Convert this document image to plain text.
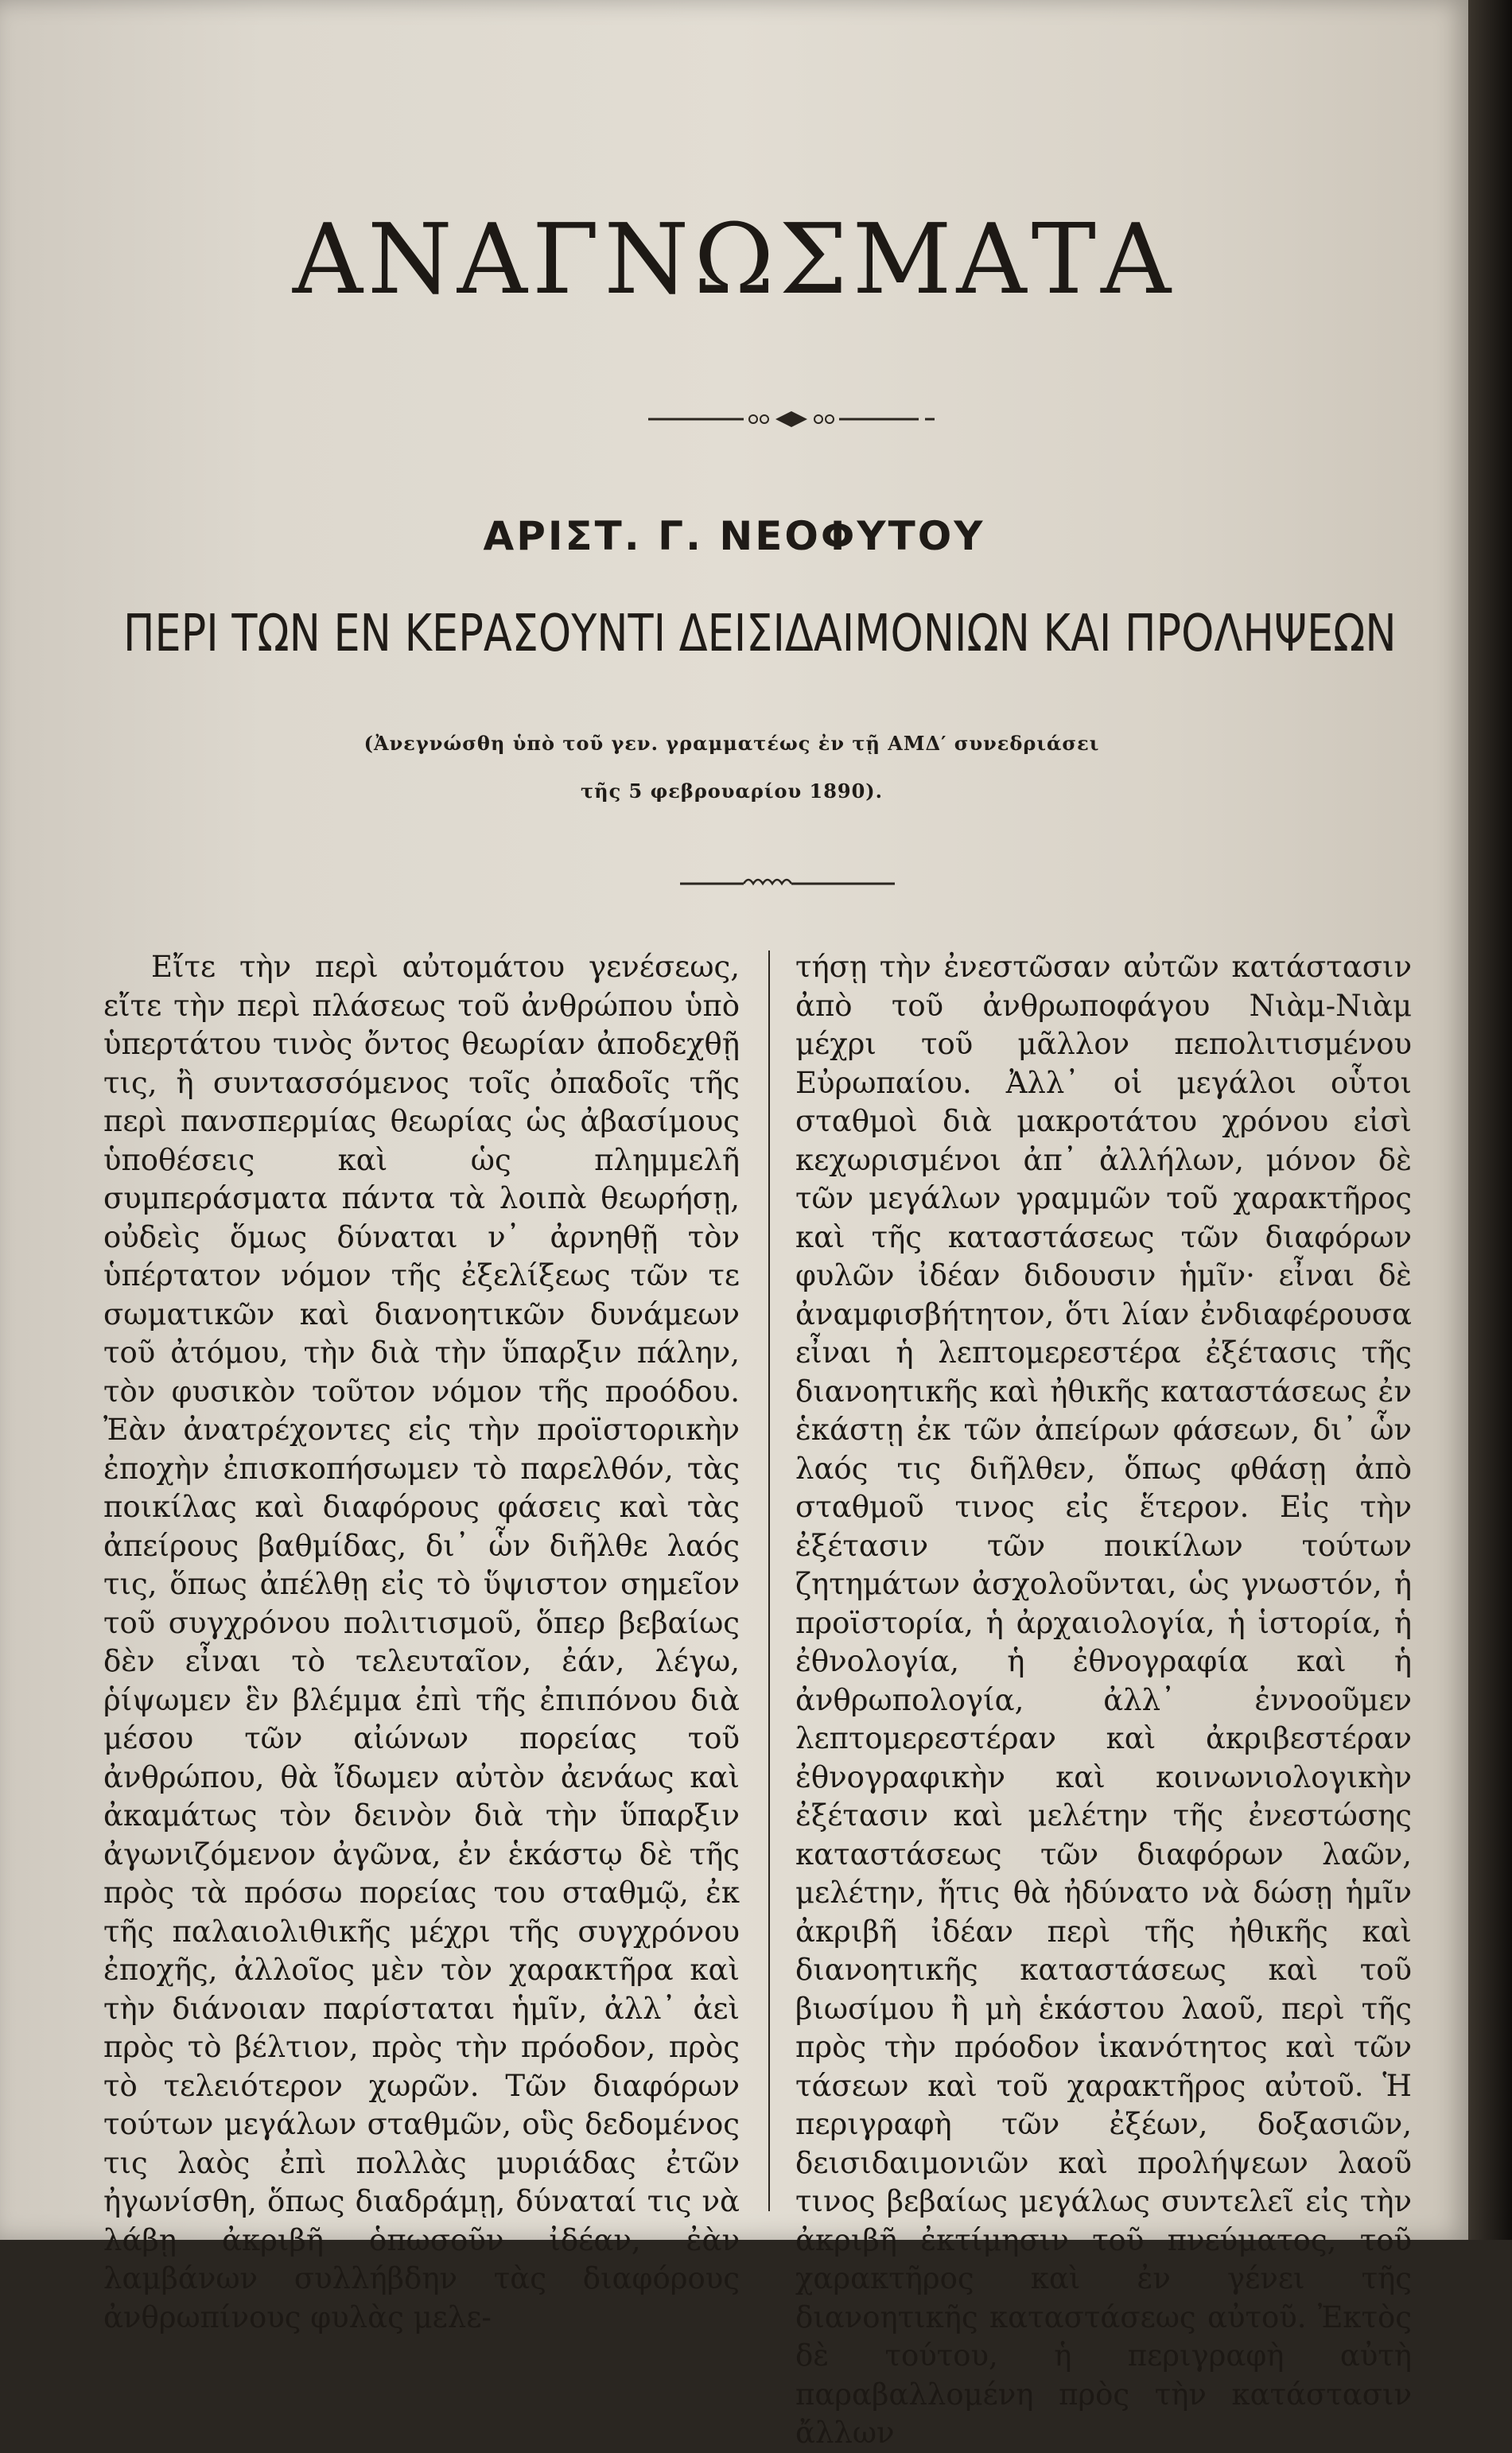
ΑΝΑΓΝΩΣΜΑΤΑ
ΑΡΙΣΤ. Γ. ΝΕΟΦΥΤΟΥ
ΠΕΡΙ ΤΩΝ ΕΝ ΚΕΡΑΣΟΥΝΤΙ ΔΕΙΣΙΔΑΙΜΟΝΙΩΝ ΚΑΙ ΠΡΟΛΗΨΕΩΝ
(Ἀνεγνώσθη ὑπὸ τοῦ γεν. γραμματέως ἐν τῇ ΑΜΔ′ συνεδριάσει
τῆς 5 φεβρουαρίου 1890).

Εἴτε τὴν περὶ αὐτομάτου γενέσεως, εἴτε τὴν περὶ πλάσεως τοῦ ἀνθρώπου ὑπὸ ὑπερτάτου τινὸς ὄντος θεωρίαν ἀποδεχθῇ τις, ἢ συντασσόμενος τοῖς ὀπαδοῖς τῆς περὶ πανσπερμίας θεωρίας ὡς ἀβασίμους ὑποθέσεις καὶ ὡς πλημμελῆ συμπεράσματα πάντα τὰ λοιπὰ θεωρήσῃ, οὐδεὶς ὅμως δύναται ν᾽ ἀρνηθῇ τὸν ὑπέρτατον νόμον τῆς ἐξελίξεως τῶν τε σωματικῶν καὶ διανοητικῶν δυνάμεων τοῦ ἀτόμου, τὴν διὰ τὴν ὕπαρξιν πάλην, τὸν φυσικὸν τοῦτον νόμον τῆς προόδου. Ἐὰν ἀνατρέχοντες εἰς τὴν προϊστορικὴν ἐποχὴν ἐπισκοπήσωμεν τὸ παρελθόν, τὰς ποικίλας καὶ διαφόρους φάσεις καὶ τὰς ἀπείρους βαθμίδας, δι᾽ ὧν διῆλθε λαός τις, ὅπως ἀπέλθῃ εἰς τὸ ὕψιστον σημεῖον τοῦ συγχρόνου πολιτισμοῦ, ὅπερ βεβαίως δὲν εἶναι τὸ τελευταῖον, ἐάν, λέγω, ῥίψωμεν ἓν βλέμμα ἐπὶ τῆς ἐπιπόνου διὰ μέσου τῶν αἰώνων πορείας τοῦ ἀνθρώπου, θὰ ἴδωμεν αὐτὸν ἀενάως καὶ ἀκαμάτως τὸν δεινὸν διὰ τὴν ὕπαρξιν ἀγωνιζόμενον ἀγῶνα, ἐν ἑκάστῳ δὲ τῆς πρὸς τὰ πρόσω πορείας του σταθμῷ, ἐκ τῆς παλαιολιθικῆς μέχρι τῆς συγχρόνου ἐποχῆς, ἀλλοῖος μὲν τὸν χαρακτῆρα καὶ τὴν διάνοιαν παρίσταται ἡμῖν, ἀλλ᾽ ἀεὶ πρὸς τὸ βέλτιον, πρὸς τὴν πρόοδον, πρὸς τὸ τελειότερον χωρῶν. Τῶν διαφόρων τούτων μεγάλων σταθμῶν, οὓς δεδομένος τις λαὸς ἐπὶ πολλὰς μυριάδας ἐτῶν ἠγωνίσθη, ὅπως διαδράμῃ, δύναταί τις νὰ λάβῃ ἀκριβῆ ὁπωσοῦν ἰδέαν, ἐὰν λαμβάνων συλλήβδην τὰς διαφόρους ἀνθρωπίνους φυλὰς μελε-

τήσῃ τὴν ἐνεστῶσαν αὐτῶν κατάστασιν ἀπὸ τοῦ ἀνθρωποφάγου Νιὰμ-Νιὰμ μέχρι τοῦ μᾶλλον πεπολιτισμένου Εὐρωπαίου. Ἀλλ᾽ οἱ μεγάλοι οὗτοι σταθμοὶ διὰ μακροτάτου χρόνου εἰσὶ κεχωρισμένοι ἀπ᾽ ἀλλήλων, μόνον δὲ τῶν μεγάλων γραμμῶν τοῦ χαρακτῆρος καὶ τῆς καταστάσεως τῶν διαφόρων φυλῶν ἰδέαν διδουσιν ἡμῖν· εἶναι δὲ ἀναμφισβήτητον, ὅτι λίαν ἐνδιαφέρουσα εἶναι ἡ λεπτομερεστέρα ἐξέτασις τῆς διανοητικῆς καὶ ἠθικῆς καταστάσεως ἐν ἑκάστῃ ἐκ τῶν ἀπείρων φάσεων, δι᾽ ὧν λαός τις διῆλθεν, ὅπως φθάσῃ ἀπὸ σταθμοῦ τινος εἰς ἕτερον. Εἰς τὴν ἐξέτασιν τῶν ποικίλων τούτων ζητημάτων ἀσχολοῦνται, ὡς γνωστόν, ἡ προϊστορία, ἡ ἀρχαιολογία, ἡ ἱστορία, ἡ ἐθνολογία, ἡ ἐθνογραφία καὶ ἡ ἀνθρωπολογία, ἀλλ᾽ ἐννοοῦμεν λεπτομερεστέραν καὶ ἀκριβεστέραν ἐθνογραφικὴν καὶ κοινωνιολογικὴν ἐξέτασιν καὶ μελέτην τῆς ἐνεστώσης καταστάσεως τῶν διαφόρων λαῶν, μελέτην, ἥτις θὰ ἠδύνατο νὰ δώσῃ ἡμῖν ἀκριβῆ ἰδέαν περὶ τῆς ἠθικῆς καὶ διανοητικῆς καταστάσεως καὶ τοῦ βιωσίμου ἢ μὴ ἑκάστου λαοῦ, περὶ τῆς πρὸς τὴν πρόοδον ἱκανότητος καὶ τῶν τάσεων καὶ τοῦ χαρακτῆρος αὐτοῦ. Ἡ περιγραφὴ τῶν ἐξέων, δοξασιῶν, δεισιδαιμονιῶν καὶ προλήψεων λαοῦ τινος βεβαίως μεγάλως συντελεῖ εἰς τὴν ἀκριβῆ ἐκτίμησιν τοῦ πνεύματος, τοῦ χαρακτῆρος καὶ ἐν γένει τῆς διανοητικῆς καταστάσεως αὐτοῦ. Ἐκτὸς δὲ τούτου, ἡ περιγραφὴ αὐτὴ παραβαλλομένη πρὸς τὴν κατάστασιν ἄλλων
